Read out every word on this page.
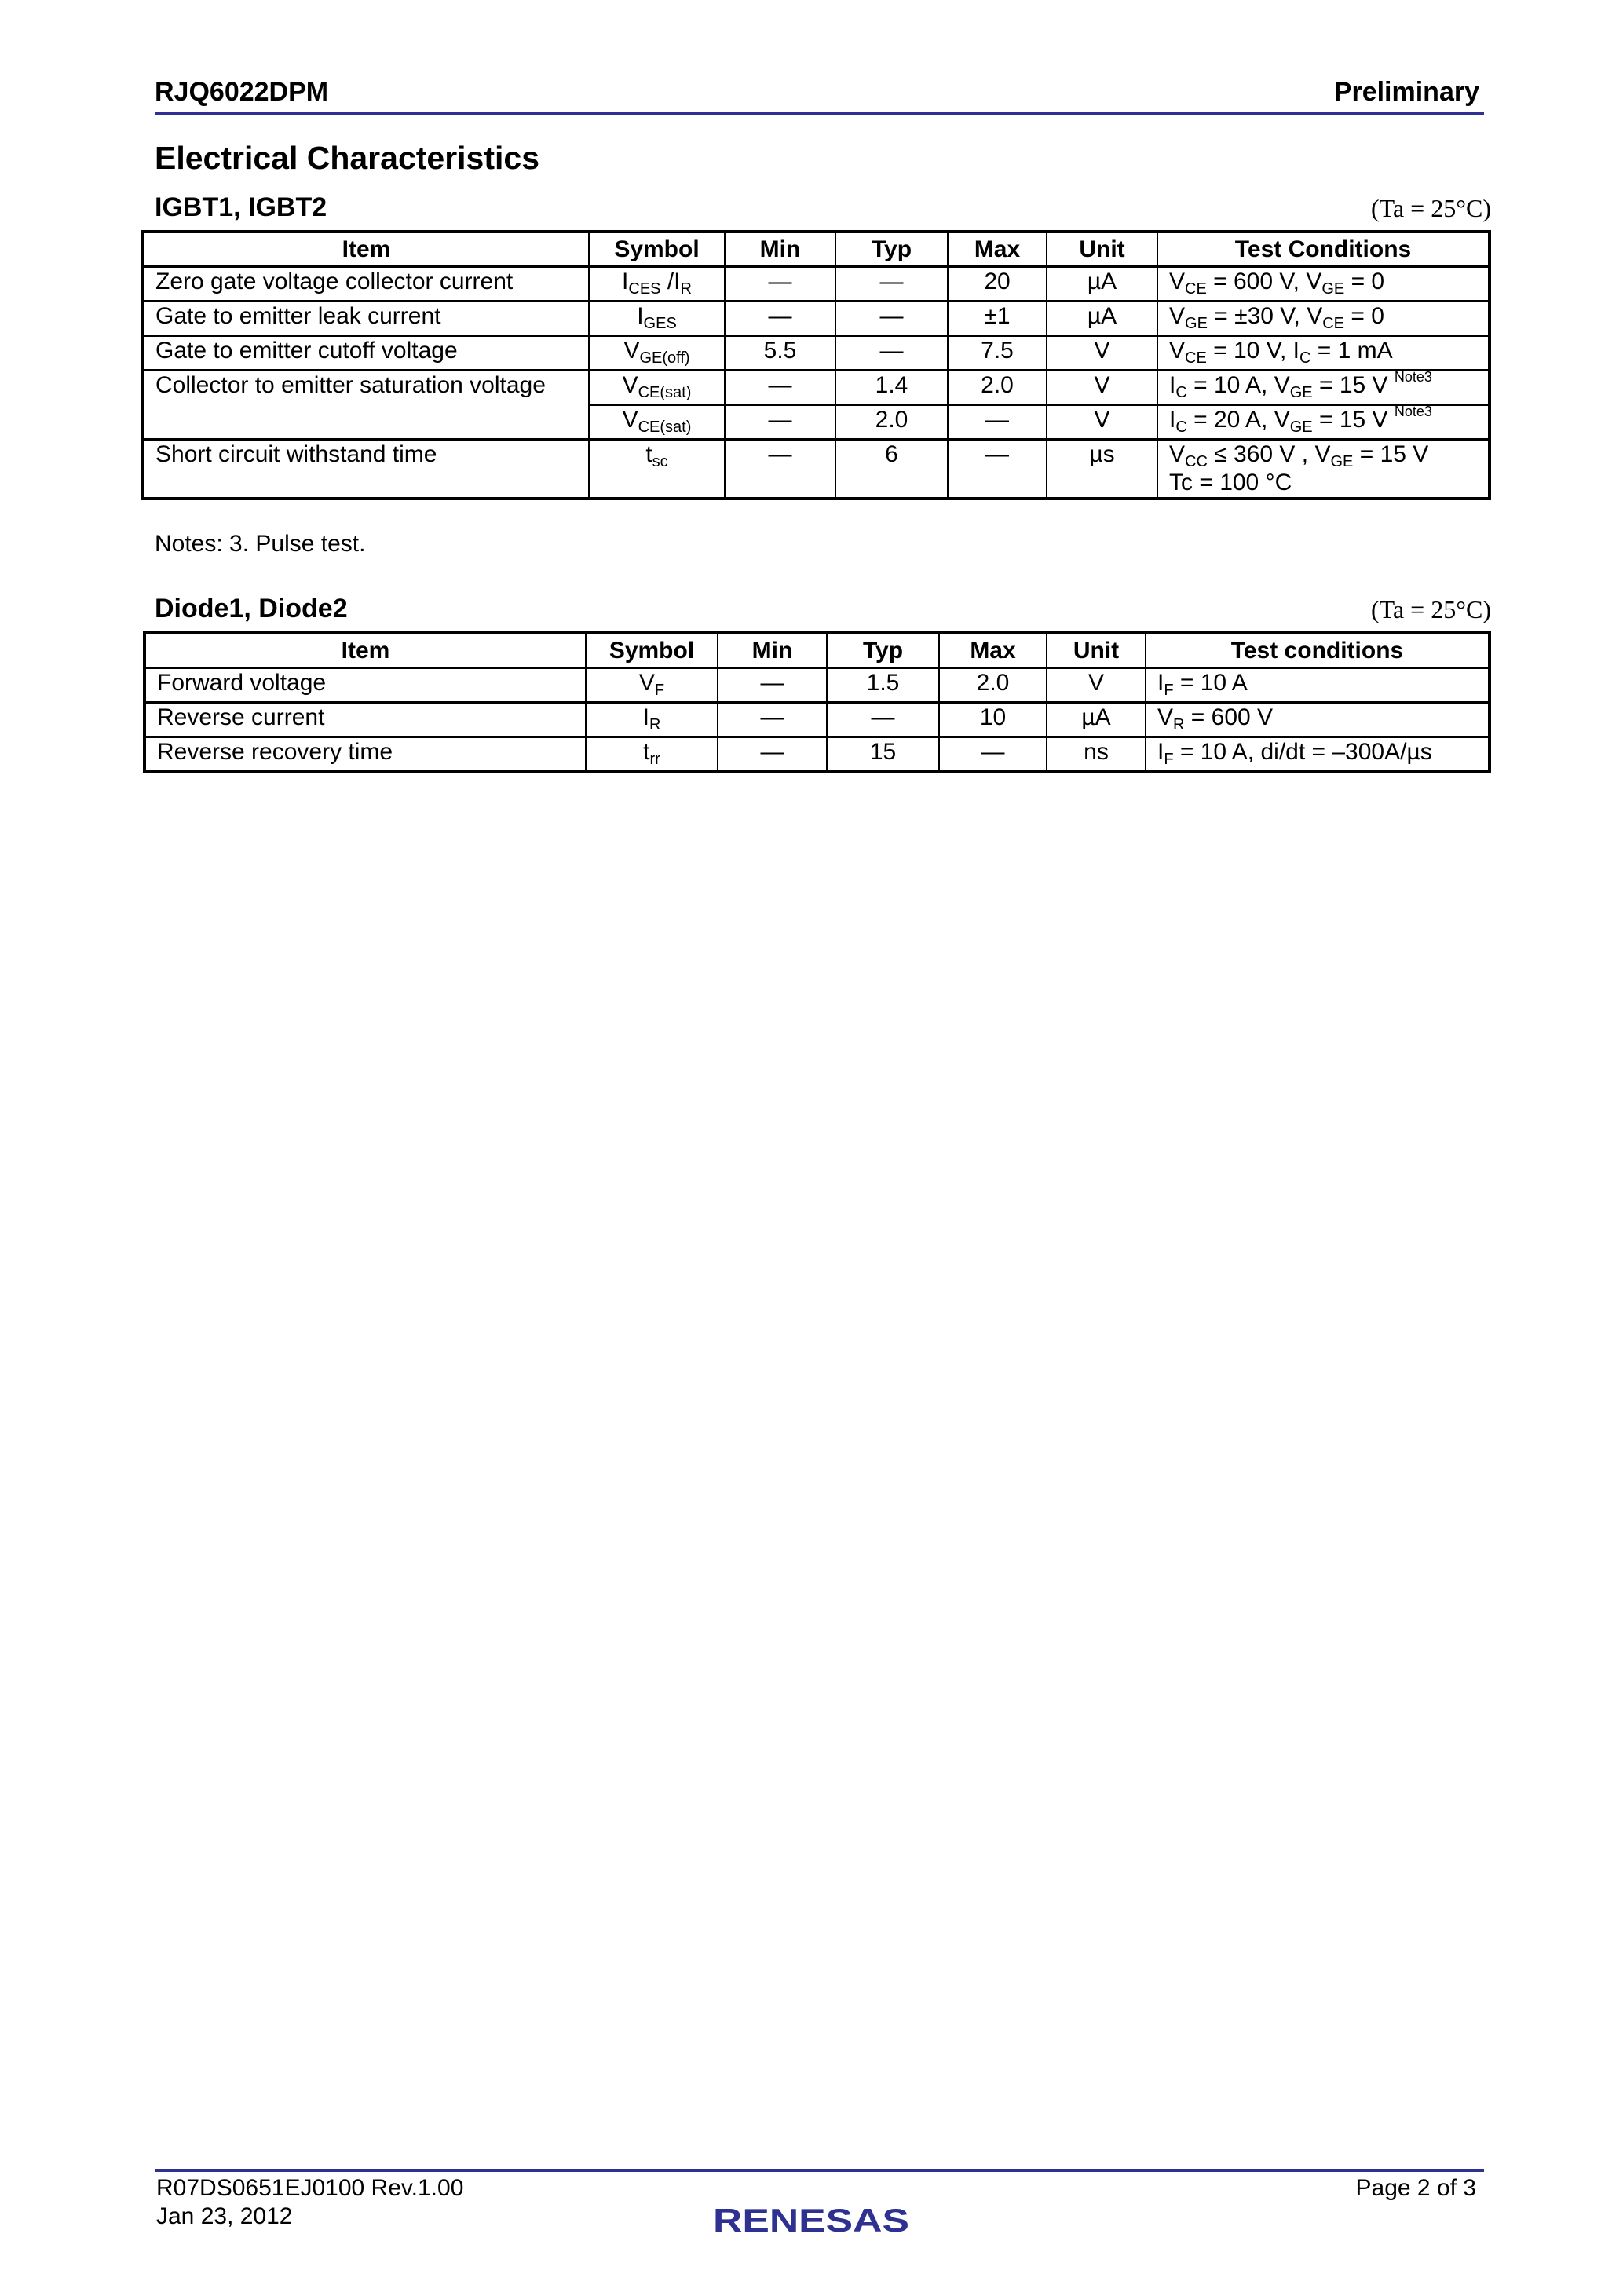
RJQ6022DPM	Preliminary
Electrical Characteristics
IGBT1, IGBT2	(Ta = 25°C)
Item	Symbol	Min	Typ	Max	Unit	Test Conditions
Zero gate voltage collector current	$I_{CES}$ $/I_R$	—	—	20	µA	$V_{CE} = 600$ V, $V_{GE} = 0$
Gate to emitter leak current	$I_{GES}$	—	—	±1	µA	$V_{GE} = \pm 30$ V, $V_{CE} = 0$
Gate to emitter cutoff voltage	$V_{GE(off)}$	5.5	—	7.5	V	$V_{CE} = 10$ V, $I_C = 1$ mA
Collector to emitter saturation voltage	$V_{CE(sat)}$	—	1.4	2.0	V	$I_C = 10$ A, $V_{GE} = 15$ V $^{Note3}$
	$V_{CE(sat)}$	—	2.0	—	V	$I_C = 20$ A, $V_{GE} = 15$ V $^{Note3}$
Short circuit withstand time	$t_{sc}$	—	6	—	µs	$V_{CC} \le 360$ V , $V_{GE} = 15$ V
Tc = 100 °C
Notes: 3. Pulse test.
Diode1, Diode2	(Ta = 25°C)
Item	Symbol	Min	Typ	Max	Unit	Test conditions
Forward voltage	$V_F$	—	1.5	2.0	V	$I_F = 10$ A
Reverse current	$I_R$	—	—	10	µA	$V_R = 600$ V
Reverse recovery time	$t_{rr}$	—	15	—	ns	$I_F = 10$ A, di/dt = –300A/µs
R07DS0651EJ0100 Rev.1.00
Jan 23, 2012
Page 2 of 3
RENESAS
